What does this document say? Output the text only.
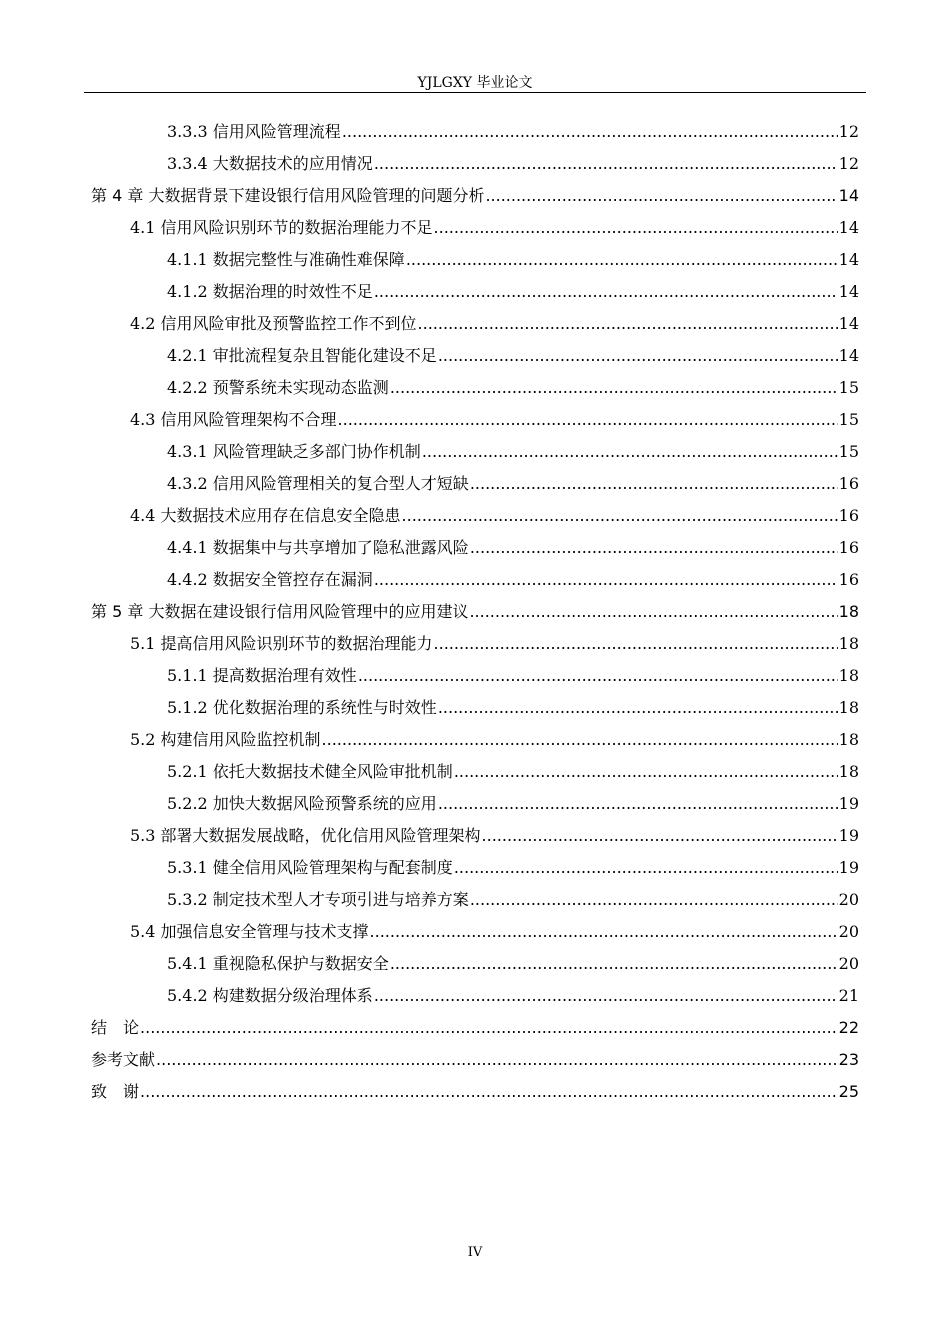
YJLGXY 毕业论文
3.3.3 信用风险管理流程 .....	12
3.3.4 大数据技术的应用情况 .....	12
第 4 章 大数据背景下建设银行信用风险管理的问题分析 .....	14
4.1 信用风险识别环节的数据治理能力不足 .....	14
4.1.1 数据完整性与准确性难保障 .....	14
4.1.2 数据治理的时效性不足 .....	14
4.2 信用风险审批及预警监控工作不到位 .....	14
4.2.1 审批流程复杂且智能化建设不足 .....	14
4.2.2 预警系统未实现动态监测 .....	15
4.3 信用风险管理架构不合理 .....	15
4.3.1 风险管理缺乏多部门协作机制 .....	15
4.3.2 信用风险管理相关的复合型人才短缺 .....	16
4.4 大数据技术应用存在信息安全隐患 .....	16
4.4.1 数据集中与共享增加了隐私泄露风险 .....	16
4.4.2 数据安全管控存在漏洞 .....	16
第 5 章 大数据在建设银行信用风险管理中的应用建议 .....	18
5.1 提高信用风险识别环节的数据治理能力 .....	18
5.1.1 提高数据治理有效性 .....	18
5.1.2 优化数据治理的系统性与时效性 .....	18
5.2 构建信用风险监控机制 .....	18
5.2.1 依托大数据技术健全风险审批机制 .....	18
5.2.2 加快大数据风险预警系统的应用 .....	19
5.3 部署大数据发展战略，优化信用风险管理架构 .....	19
5.3.1 健全信用风险管理架构与配套制度 .....	19
5.3.2 制定技术型人才专项引进与培养方案 .....	20
5.4 加强信息安全管理与技术支撑 .....	20
5.4.1 重视隐私保护与数据安全 .....	20
5.4.2 构建数据分级治理体系 .....	21
结　论 .....	22
参考文献 .....	23
致　谢 .....	25
IV
